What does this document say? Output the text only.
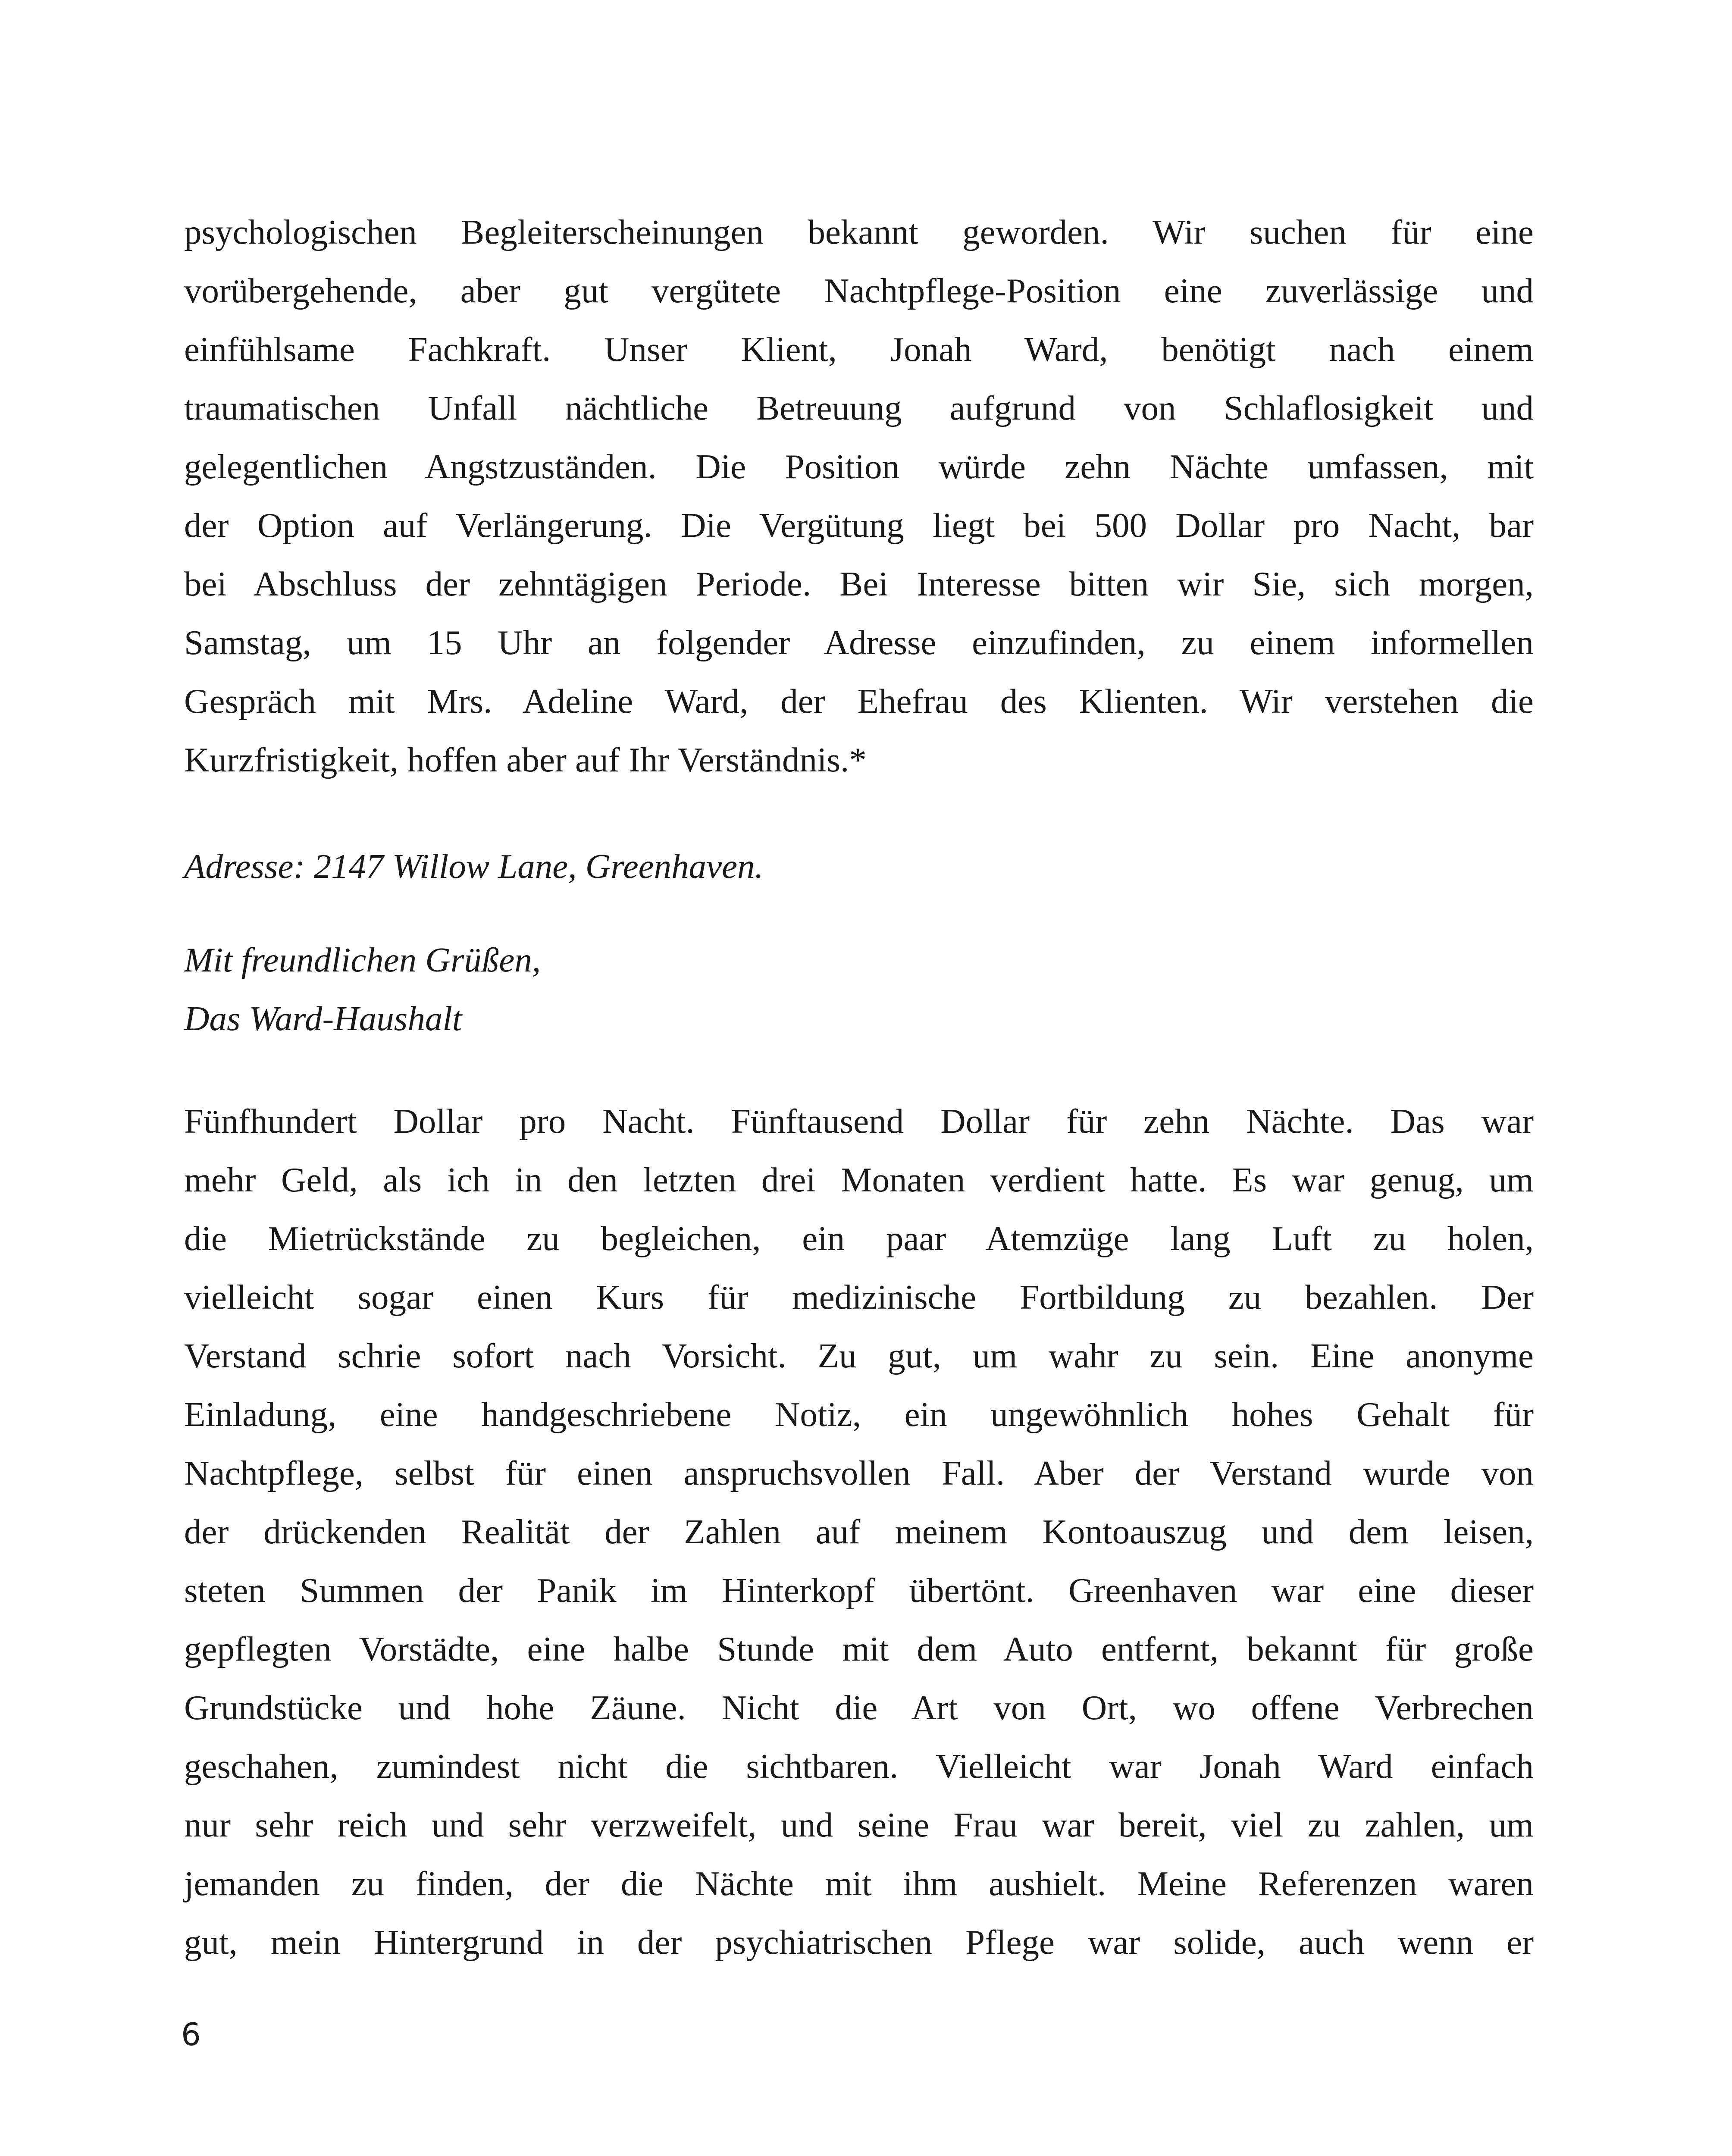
psychologischen Begleiterscheinungen bekannt geworden. Wir suchen für eine
vorübergehende, aber gut vergütete Nachtpflege-Position eine zuverlässige und
einfühlsame Fachkraft. Unser Klient, Jonah Ward, benötigt nach einem
traumatischen Unfall nächtliche Betreuung aufgrund von Schlaflosigkeit und
gelegentlichen Angstzuständen. Die Position würde zehn Nächte umfassen, mit
der Option auf Verlängerung. Die Vergütung liegt bei 500 Dollar pro Nacht, bar
bei Abschluss der zehntägigen Periode. Bei Interesse bitten wir Sie, sich morgen,
Samstag, um 15 Uhr an folgender Adresse einzufinden, zu einem informellen
Gespräch mit Mrs. Adeline Ward, der Ehefrau des Klienten. Wir verstehen die
Kurzfristigkeit, hoffen aber auf Ihr Verständnis.*
Adresse: 2147 Willow Lane, Greenhaven.
Mit freundlichen Grüßen,
Das Ward-Haushalt
Fünfhundert Dollar pro Nacht. Fünftausend Dollar für zehn Nächte. Das war
mehr Geld, als ich in den letzten drei Monaten verdient hatte. Es war genug, um
die Mietrückstände zu begleichen, ein paar Atemzüge lang Luft zu holen,
vielleicht sogar einen Kurs für medizinische Fortbildung zu bezahlen. Der
Verstand schrie sofort nach Vorsicht. Zu gut, um wahr zu sein. Eine anonyme
Einladung, eine handgeschriebene Notiz, ein ungewöhnlich hohes Gehalt für
Nachtpflege, selbst für einen anspruchsvollen Fall. Aber der Verstand wurde von
der drückenden Realität der Zahlen auf meinem Kontoauszug und dem leisen,
steten Summen der Panik im Hinterkopf übertönt. Greenhaven war eine dieser
gepflegten Vorstädte, eine halbe Stunde mit dem Auto entfernt, bekannt für große
Grundstücke und hohe Zäune. Nicht die Art von Ort, wo offene Verbrechen
geschahen, zumindest nicht die sichtbaren. Vielleicht war Jonah Ward einfach
nur sehr reich und sehr verzweifelt, und seine Frau war bereit, viel zu zahlen, um
jemanden zu finden, der die Nächte mit ihm aushielt. Meine Referenzen waren
gut, mein Hintergrund in der psychiatrischen Pflege war solide, auch wenn er
6
